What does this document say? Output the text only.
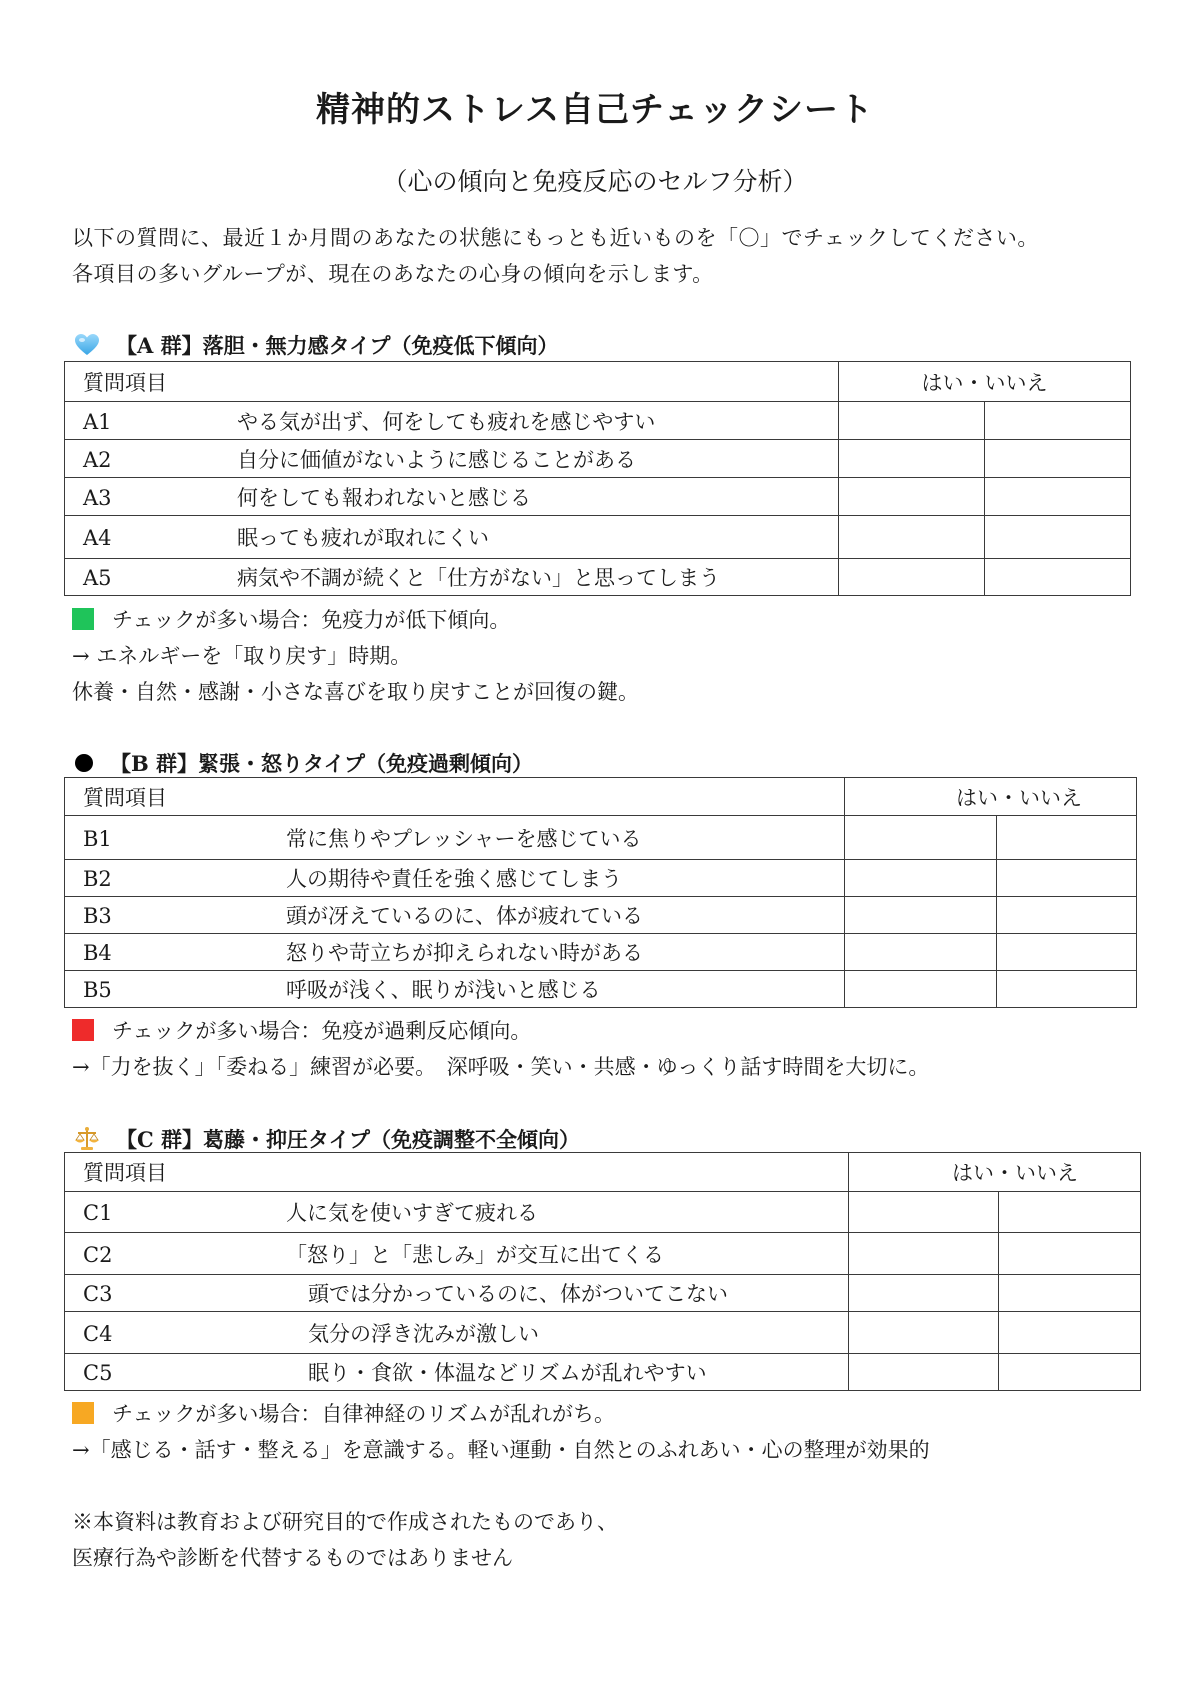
精神的ストレス自己チェックシート
（心の傾向と免疫反応のセルフ分析）
以下の質問に、最近１か月間のあなたの状態にもっとも近いものを「〇」でチェックしてください。
各項目の多いグループが、現在のあなたの心身の傾向を示します。
【A 群】落胆・無力感タイプ（免疫低下傾向）
質問項目	はい・いいえ	
A1 やる気が出ず、何をしても疲れを感じやすい		
A2 自分に価値がないように感じることがある		
A3 何をしても報われないと感じる		
A4 眠っても疲れが取れにくい		
A5 病気や不調が続くと「仕方がない」と思ってしまう		
チェックが多い場合：免疫力が低下傾向。
→ エネルギーを「取り戻す」時期。
休養・自然・感謝・小さな喜びを取り戻すことが回復の鍵。
【B 群】緊張・怒りタイプ（免疫過剰傾向）
質問項目	はい・いいえ	
B1 常に焦りやプレッシャーを感じている		
B2 人の期待や責任を強く感じてしまう		
B3 頭が冴えているのに、体が疲れている		
B4 怒りや苛立ちが抑えられない時がある		
B5 呼吸が浅く、眠りが浅いと感じる		
チェックが多い場合：免疫が過剰反応傾向。
→「力を抜く」「委ねる」練習が必要。　深呼吸・笑い・共感・ゆっくり話す時間を大切に。
【C 群】葛藤・抑圧タイプ（免疫調整不全傾向）
質問項目	はい・いいえ	
C1 人に気を使いすぎて疲れる		
C2 「怒り」と「悲しみ」が交互に出てくる		
C3 頭では分かっているのに、体がついてこない		
C4 気分の浮き沈みが激しい		
C5 眠り・食欲・体温などリズムが乱れやすい		
チェックが多い場合：自律神経のリズムが乱れがち。
→「感じる・話す・整える」を意識する。軽い運動・自然とのふれあい・心の整理が効果的
※本資料は教育および研究目的で作成されたものであり、
医療行為や診断を代替するものではありません
